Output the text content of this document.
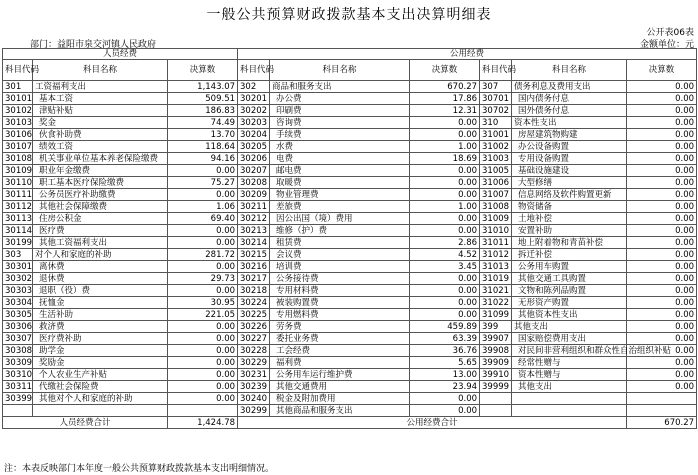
一般公共预算财政拨款基本支出决算明细表
公开表06表
部门：益阳市泉交河镇人民政府	金额单位：元
人员经费			公用经费					
科目代码	科目名称	决算数	科目代码	科目名称	决算数	科目代码	科目名称	决算数
301	工资福利支出	1,143.07	302	商品和服务支出	670.27	307	债务利息及费用支出	0.00
30101	基本工资	509.51	30201	办公费	17.86	30701	国内债务付息	0.00
30102	津贴补贴	186.83	30202	印刷费	12.31	30702	国外债务付息	0.00
30103	奖金	74.49	30203	咨询费	0.00	310	资本性支出	0.00
30106	伙食补助费	13.70	30204	手续费	0.00	31001	房屋建筑物购建	0.00
30107	绩效工资	118.64	30205	水费	1.00	31002	办公设备购置	0.00
30108	机关事业单位基本养老保险缴费	94.16	30206	电费	18.69	31003	专用设备购置	0.00
30109	职业年金缴费	0.00	30207	邮电费	0.00	31005	基础设施建设	0.00
30110	职工基本医疗保险缴费	75.27	30208	取暖费	0.00	31006	大型修缮	0.00
30111	公务员医疗补助缴费	0.00	30209	物业管理费	0.00	31007	信息网络及软件购置更新	0.00
30112	其他社会保障缴费	1.06	30211	差旅费	1.00	31008	物资储备	0.00
30113	住房公积金	69.40	30212	因公出国（境）费用	0.00	31009	土地补偿	0.00
30114	医疗费	0.00	30213	维修（护）费	0.00	31010	安置补助	0.00
30199	其他工资福利支出	0.00	30214	租赁费	2.86	31011	地上附着物和青苗补偿	0.00
303	对个人和家庭的补助	281.72	30215	会议费	4.52	31012	拆迁补偿	0.00
30301	离休费	0.00	30216	培训费	3.45	31013	公务用车购置	0.00
30302	退休费	29.73	30217	公务接待费	0.00	31019	其他交通工具购置	0.00
30303	退职（役）费	0.00	30218	专用材料费	0.00	31021	文物和陈列品购置	0.00
30304	抚恤金	30.95	30224	被装购置费	0.00	31022	无形资产购置	0.00
30305	生活补助	221.05	30225	专用燃料费	0.00	31099	其他资本性支出	0.00
30306	救济费	0.00	30226	劳务费	459.89	399	其他支出	0.00
30307	医疗费补助	0.00	30227	委托业务费	63.39	39907	国家赔偿费用支出	0.00
30308	助学金	0.00	30228	工会经费	36.76	39908	对民间非营利组织和群众性自治组织补贴	0.00
30309	奖励金	0.00	30229	福利费	5.65	39909	经常性赠与	0.00
30310	个人农业生产补贴	0.00	30231	公务用车运行维护费	13.00	39910	资本性赠与	0.00
30311	代缴社会保险费	0.00	30239	其他交通费用	23.94	39999	其他支出	0.00
30399	其他对个人和家庭的补助	0.00	30240	税金及附加费用	0.00			
			30299	其他商品和服务支出	0.00			
人员经费合计		1,424.78	公用经费合计					670.27
注：本表反映部门本年度一般公共预算财政拨款基本支出明细情况。
